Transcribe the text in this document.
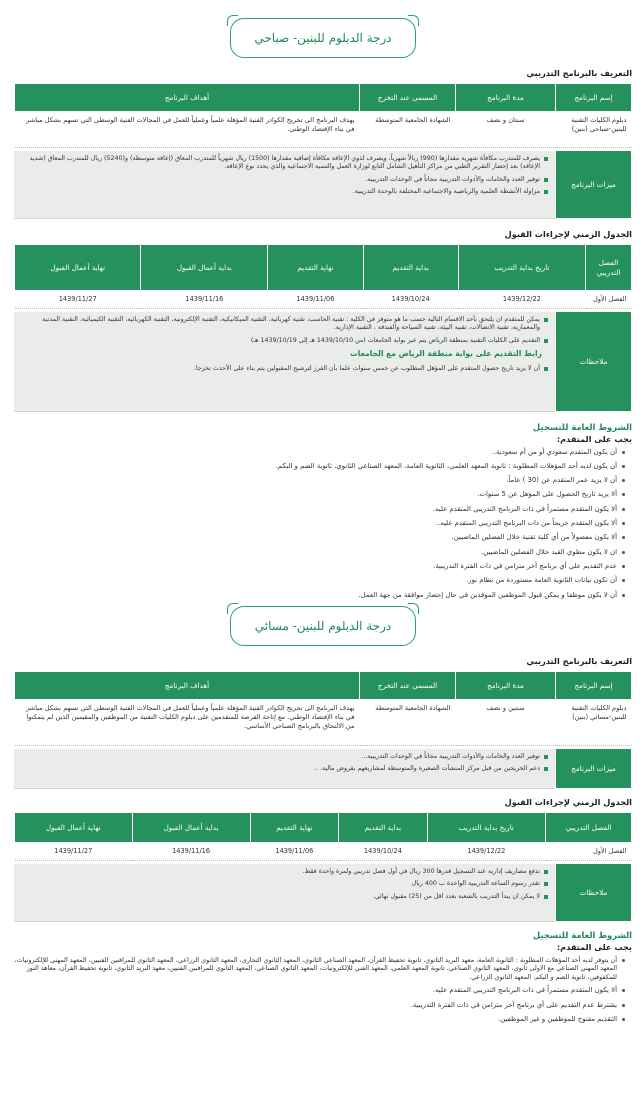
درجة الدبلوم للبنين- صباحي
التعريف بالبرنامج التدريبي
إسم البرنامج	مدة البرنامج	المسمى عند التخرج	أهداف البرنامج
دبلوم الكليات التقنية للبنين-صباحي (بنين)	سنتان و نصف	الشهادة الجامعية المتوسطة	يهدف البرنامج الى تخريج الكوادر الفنية المؤهلة علمياً وعملياً للعمل في المجالات الفنية الوسطى التي تسهم بشكل مباشر في بناء الإقتصاد الوطني.
ميزات البرنامج	
يصرف للمتدرب مكافأة شهرية مقدارها (990) ريالاً شهرياً، ويصرف لذوي الإعاقة مكافأة إضافية مقدارها (1500) ريال شهرياً للمتدرب المعاق (إعاقة متوسطة) و(5240) ريال للمتدرب المعاق (شديد الإعاقة) بعد إحضار التقرير الطبي من مراكز التأهيل الشامل التابع لوزارة العمل والتنمية الاجتماعية والذي يحدد نوع الإعاقة.
توفير العدد والخامات والأدوات التدريبية مجاناً في الوحدات التدريبية.
مزاولة الأنشطة العلمية والرياضية والاجتماعية المختلفة بالوحدة التدريبية.
الجدول الزمني لإجراءات القبول
الفصل التدريبي	تاريخ بداية التدريب	بداية التقديم	نهاية التقديم	بداية أعمال القبول	نهاية أعمال القبول
الفصل الأول	1439/12/22	1439/10/24	1439/11/06	1439/11/16	1439/11/27
ملاحظات	
يمكن للمتقدم ان يلتحق بأحد الاقسام التالية حسب ما هو متوفر في الكلية : تقنية الحاسب، تقنية كهربائية، التقنية الميكانيكية، التقنية الإلكترونية، التقنية الكهربائية، التقنية الكيميائية، التقنية المدنية والمعمارية، تقنية الاتصالات، تقنية البيئة، تقنية السياحة والفندقة ، التقنية الإدارية.
التقديم على الكليات التقنية بمنطقة الرياض يتم عبر بوابة الجامعات (من 1439/10/10 هـ إلى 1439/10/19 هـ)
رابط التقديم على بوابة منطقة الرياض مع الجامعات
أن لا يزيد تاريخ حصول المتقدم على المؤهل المطلوب عن خمس سنوات علما بأن الفرز لترشيح المقبولين يتم بناء على الأحدث تخرجا.
الشروط العامة للتسجيل
يجب على المتقدم:
أن يكون المتقدم سعودي أو من أم سعودية..
أن يكون لديه أحد المؤهلات المطلوبة : ثانوية المعهد العلمي، الثانوية العامة، المعهد الصناعي الثانوي، ثانوية الصم و البكم.
أن لا يزيد عمر المتقدم عن (30 ) عاماً.
ألا يزيد تاريخ الحصول على المؤهل عن 5 سنوات.
ألا يكون المتقدم مستمراً في ذات البرنامج التدريبي المتقدم عليه.
ألا يكون المتقدم خريجاً من ذات البرنامج التدريبي المتقدم عليه..
ألا يكون مفصولاً من أي كلية تقنية خلال الفصلين الماضيين.
ان لا يكون مطوي القيد خلال الفصلين الماضيين.
عدم التقديم على أي برنامج آخر متزامن في ذات الفترة التدريبية.
أن تكون بيانات الثانوية العامة مستوردة من نظام نور.
أن لا يكون موظفا و يمكن قبول الموظفين الموفدين في حال إحضار موافقة من جهة العمل.
درجة الدبلوم للبنين- مسائي
التعريف بالبرنامج التدريبي
إسم البرنامج	مدة البرنامج	المسمى عند التخرج	أهداف البرنامج
دبلوم الكليات التقنية للبنين-مسائي (بنين)	سنتين و نصف	الشهادة الجامعية المتوسطة	يهدف البرنامج الى تخريج الكوادر الفنية المؤهلة علمياً وعملياً للعمل في المجالات الفنية الوسطى التي تسهم بشكل مباشر في بناء الإقتصاد الوطني. مع إتاحة الفرصة للمتقدمين على دبلوم الكليات التقنية من الموظفين والمقيمين الذين لم يتمكنوا من الالتحاق بالبرنامج الصباحي الأساسي.
ميزات البرنامج	
توفير العدد والخامات والأدوات التدريبية مجاناً في الوحدات التدريبية...
دعم الخريجين من قبل مركز المنشآت الصغيرة والمتوسطة لمشاريعهم بقروض مالية. ..
الجدول الزمني لإجراءات القبول
الفصل التدريبي	تاريخ بداية التدريب	بداية التقديم	نهاية التقديم	بداية أعمال القبول	نهاية أعمال القبول
الفصل الأول	1439/12/22	1439/10/24	1439/11/06	1439/11/16	1439/11/27
ملاحظات	
تدفع مصاريف إدارية عند التسجيل قدرها 300 ريال في أول فصل تدريبي ولمرة واحدة فقط.
تقدر رسوم الساعة التدريبية الواحدة ب 400 ريال
لا يمكن ان يبدأ التدريب بالشعبة بعدد اقل من (25) مقبول نهائي.
الشروط العامة للتسجيل
يجب على المتقدم:
أن يتوفر لديه أحد المؤهلات المطلوبة : الثانوية العامة، معهد البريد الثانوي، ثانوية تحفيظ القرآن، المعهد الصناعي الثانوي، المعهد الثانوي التجاري، المعهد الثانوي الزراعي، المعهد الثانوي للمراقبين الفنيين، المعهد المهني للإلكترونيات، المعهد المهني الصناعي مع الاولى ثانوي، المعهد الثانوي الصناعي، ثانوية المعهد العلمي، المعهد الفني للإلكترونيات، المعهد الثانوي الصناعي، المعهد الثانوي للمراقبين الفنيين، معهد البريد الثانوي، ثانوية تحفيظ القرآن، معاهد النور للمكفوفين، ثانوية الصم و البكم، المعهد الثانوي الزراعي.
ألا يكون المتقدم مستمراً في ذات البرنامج التدريبي المتقدم عليه.
يشترط عدم التقديم على أي برنامج آخر متزامن في ذات الفترة التدريبية.
التقديم مفتوح للموظفين و غير الموظفين.
